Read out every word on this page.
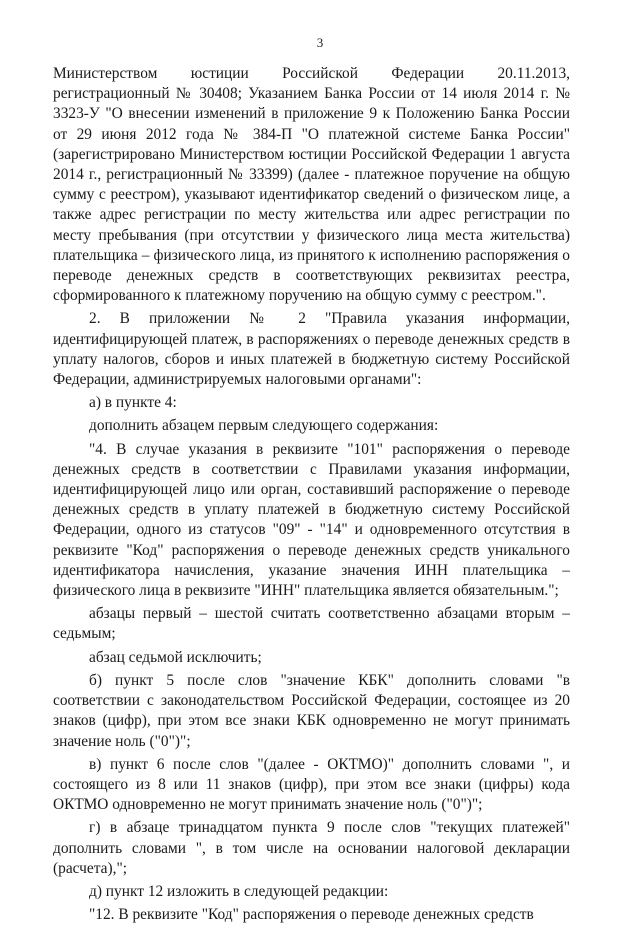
3

Министерством юстиции Российской Федерации 20.11.2013, регистрационный № 30408; Указанием Банка России от 14 июля 2014 г. № 3323-У "О внесении изменений в приложение 9 к Положению Банка России от 29 июня 2012 года № 384-П "О платежной системе Банка России" (зарегистрировано Министерством юстиции Российской Федерации 1 августа 2014 г., регистрационный № 33399) (далее - платежное поручение на общую сумму с реестром), указывают идентификатор сведений о физическом лице, а также адрес регистрации по месту жительства или адрес регистрации по месту пребывания (при отсутствии у физического лица места жительства) плательщика – физического лица, из принятого к исполнению распоряжения о переводе денежных средств в соответствующих реквизитах реестра, сформированного к платежному поручению на общую сумму с реестром.".

2. В приложении № 2 "Правила указания информации, идентифицирующей платеж, в распоряжениях о переводе денежных средств в уплату налогов, сборов и иных платежей в бюджетную систему Российской Федерации, администрируемых налоговыми органами":

а) в пункте 4:

дополнить абзацем первым следующего содержания:

"4. В случае указания в реквизите "101" распоряжения о переводе денежных средств в соответствии с Правилами указания информации, идентифицирующей лицо или орган, составивший распоряжение о переводе денежных средств в уплату платежей в бюджетную систему Российской Федерации, одного из статусов "09" - "14" и одновременного отсутствия в реквизите "Код" распоряжения о переводе денежных средств уникального идентификатора начисления, указание значения ИНН плательщика – физического лица в реквизите "ИНН" плательщика является обязательным.";

абзацы первый – шестой считать соответственно абзацами вторым – седьмым;

абзац седьмой исключить;

б) пункт 5 после слов "значение КБК" дополнить словами "в соответствии с законодательством Российской Федерации, состоящее из 20 знаков (цифр), при этом все знаки КБК одновременно не могут принимать значение ноль ("0")";

в) пункт 6 после слов "(далее - ОКТМО)" дополнить словами ", и состоящего из 8 или 11 знаков (цифр), при этом все знаки (цифры) кода ОКТМО одновременно не могут принимать значение ноль ("0")";

г) в абзаце тринадцатом пункта 9 после слов "текущих платежей" дополнить словами ", в том числе на основании налоговой декларации (расчета),";

д) пункт 12 изложить в следующей редакции:

"12. В реквизите "Код" распоряжения о переводе денежных средств
